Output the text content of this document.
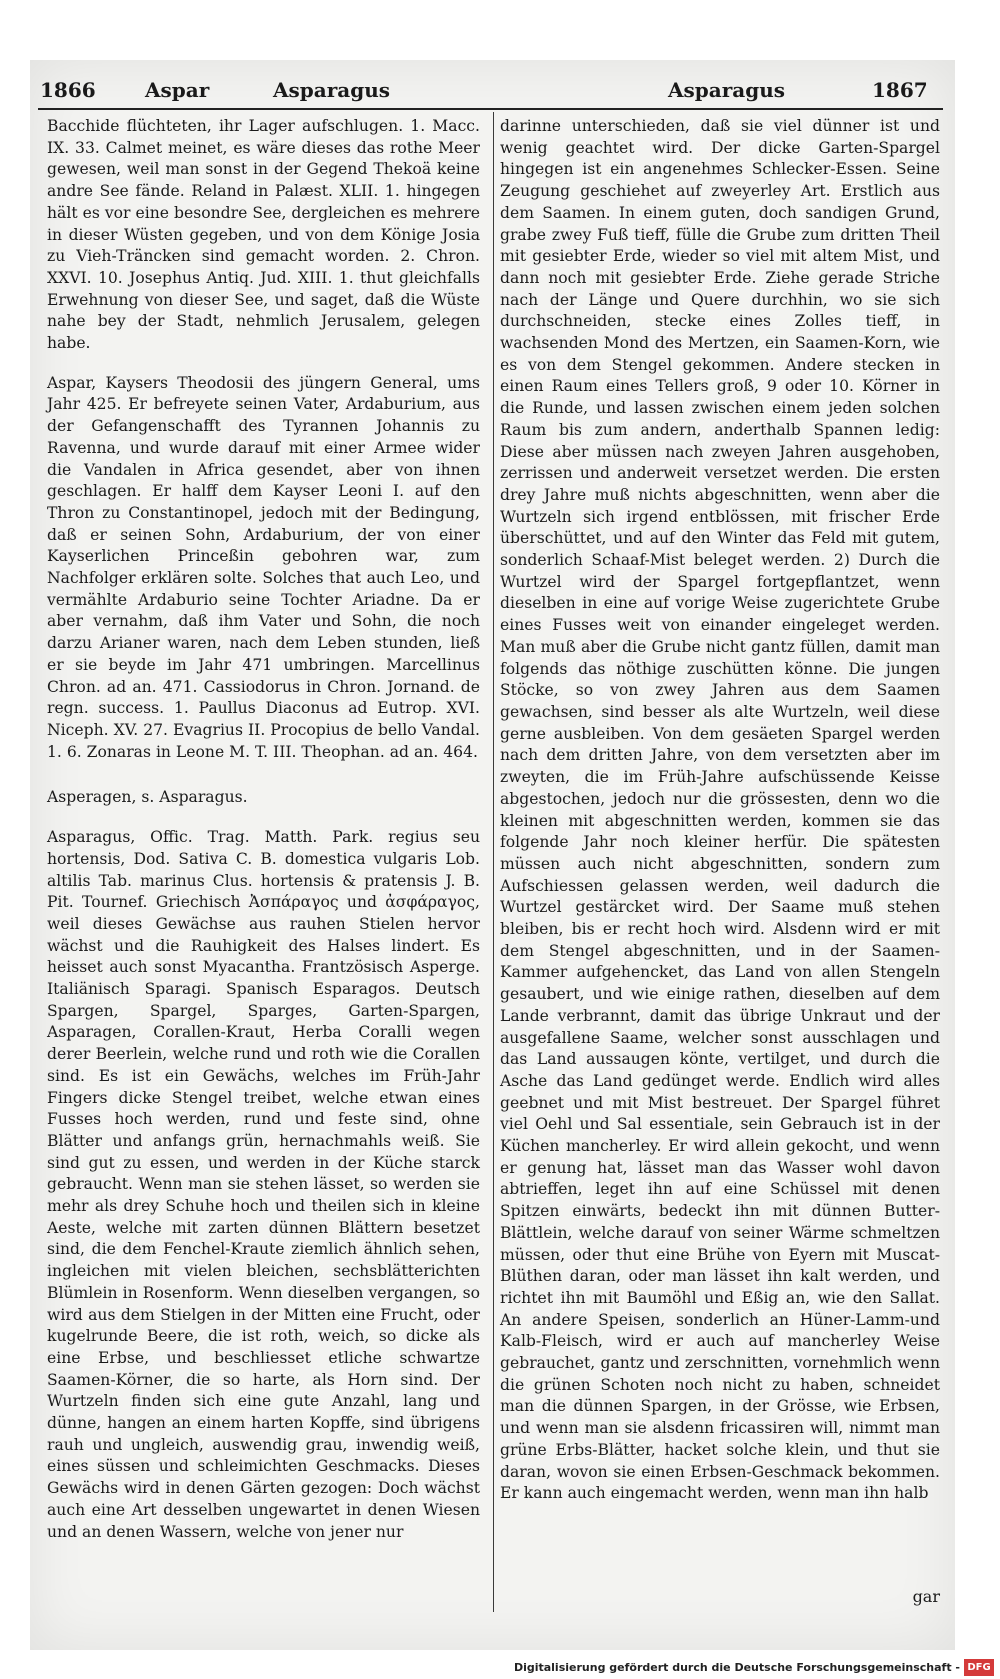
1866 Aspar	Asparagus	Asparagus	1867

Bacchide flüchteten, ihr Lager aufschlugen. 1. Macc. IX. 33. Calmet meinet, es wäre dieses das rothe Meer gewesen, weil man sonst in der Gegend Thekoä keine andre See fände. Reland in Palæst. XLII. 1. hingegen hält es vor eine besondre See, dergleichen es mehrere in dieser Wüsten gegeben, und von dem Könige Josia zu Vieh-Träncken sind gemacht worden. 2. Chron. XXVI. 10. Josephus Antiq. Jud. XIII. 1. thut gleichfalls Erwehnung von dieser See, und saget, daß die Wüste nahe bey der Stadt, nehmlich Jerusalem, gelegen habe.

Aspar, Kaysers Theodosii des jüngern General, ums Jahr 425. Er befreyete seinen Vater, Ardaburium, aus der Gefangenschafft des Tyrannen Johannis zu Ravenna, und wurde darauf mit einer Armee wider die Vandalen in Africa gesendet, aber von ihnen geschlagen. Er halff dem Kayser Leoni I. auf den Thron zu Constantinopel, jedoch mit der Bedingung, daß er seinen Sohn, Ardaburium, der von einer Kayserlichen Princeßin gebohren war, zum Nachfolger erklären solte. Solches that auch Leo, und vermählte Ardaburio seine Tochter Ariadne. Da er aber vernahm, daß ihm Vater und Sohn, die noch darzu Arianer waren, nach dem Leben stunden, ließ er sie beyde im Jahr 471 umbringen. Marcellinus Chron. ad an. 471. Cassiodorus in Chron. Jornand. de regn. success. 1. Paullus Diaconus ad Eutrop. XVI. Niceph. XV. 27. Evagrius II. Procopius de bello Vandal. 1. 6. Zonaras in Leone M. T. III. Theophan. ad an. 464.

Asperagen, s. Asparagus.

Asparagus, Offic. Trag. Matth. Park. regius seu hortensis, Dod. Sativa C. B. domestica vulgaris Lob. altilis Tab. marinus Clus. hortensis & pratensis J. B. Pit. Tournef. Griechisch Ἀσπάραγος und ἀσφάραγος, weil dieses Gewächse aus rauhen Stielen hervor wächst und die Rauhigkeit des Halses lindert. Es heisset auch sonst Myacantha. Frantzösisch Asperge. Italiänisch Sparagi. Spanisch Esparagos. Deutsch Spargen, Spargel, Sparges, Garten-Spargen, Asparagen, Corallen-Kraut, Herba Coralli wegen derer Beerlein, welche rund und roth wie die Corallen sind. Es ist ein Gewächs, welches im Früh-Jahr Fingers dicke Stengel treibet, welche etwan eines Fusses hoch werden, rund und feste sind, ohne Blätter und anfangs grün, hernachmahls weiß. Sie sind gut zu essen, und werden in der Küche starck gebraucht. Wenn man sie stehen lässet, so werden sie mehr als drey Schuhe hoch und theilen sich in kleine Aeste, welche mit zarten dünnen Blättern besetzet sind, die dem Fenchel-Kraute ziemlich ähnlich sehen, ingleichen mit vielen bleichen, sechsblätterichten Blümlein in Rosenform. Wenn dieselben vergangen, so wird aus dem Stielgen in der Mitten eine Frucht, oder kugelrunde Beere, die ist roth, weich, so dicke als eine Erbse, und beschliesset etliche schwartze Saamen-Körner, die so harte, als Horn sind. Der Wurtzeln finden sich eine gute Anzahl, lang und dünne, hangen an einem harten Kopffe, sind übrigens rauh und ungleich, auswendig grau, inwendig weiß, eines süssen und schleimichten Geschmacks. Dieses Gewächs wird in denen Gärten gezogen: Doch wächst auch eine Art desselben ungewartet in denen Wiesen und an denen Wassern, welche von jener nur

darinne unterschieden, daß sie viel dünner ist und wenig geachtet wird. Der dicke Garten-Spargel hingegen ist ein angenehmes Schlecker-Essen. Seine Zeugung geschiehet auf zweyerley Art. Erstlich aus dem Saamen. In einem guten, doch sandigen Grund, grabe zwey Fuß tieff, fülle die Grube zum dritten Theil mit gesiebter Erde, wieder so viel mit altem Mist, und dann noch mit gesiebter Erde. Ziehe gerade Striche nach der Länge und Quere durchhin, wo sie sich durchschneiden, stecke eines Zolles tieff, in wachsenden Mond des Mertzen, ein Saamen-Korn, wie es von dem Stengel gekommen. Andere stecken in einen Raum eines Tellers groß, 9 oder 10. Körner in die Runde, und lassen zwischen einem jeden solchen Raum bis zum andern, anderthalb Spannen ledig: Diese aber müssen nach zweyen Jahren ausgehoben, zerrissen und anderweit versetzet werden. Die ersten drey Jahre muß nichts abgeschnitten, wenn aber die Wurtzeln sich irgend entblössen, mit frischer Erde überschüttet, und auf den Winter das Feld mit gutem, sonderlich Schaaf-Mist beleget werden. 2) Durch die Wurtzel wird der Spargel fortgepflantzet, wenn dieselben in eine auf vorige Weise zugerichtete Grube eines Fusses weit von einander eingeleget werden. Man muß aber die Grube nicht gantz füllen, damit man folgends das nöthige zuschütten könne. Die jungen Stöcke, so von zwey Jahren aus dem Saamen gewachsen, sind besser als alte Wurtzeln, weil diese gerne ausbleiben. Von dem gesäeten Spargel werden nach dem dritten Jahre, von dem versetzten aber im zweyten, die im Früh-Jahre aufschüssende Keisse abgestochen, jedoch nur die grössesten, denn wo die kleinen mit abgeschnitten werden, kommen sie das folgende Jahr noch kleiner herfür. Die spätesten müssen auch nicht abgeschnitten, sondern zum Aufschiessen gelassen werden, weil dadurch die Wurtzel gestärcket wird. Der Saame muß stehen bleiben, bis er recht hoch wird. Alsdenn wird er mit dem Stengel abgeschnitten, und in der Saamen-Kammer aufgehencket, das Land von allen Stengeln gesaubert, und wie einige rathen, dieselben auf dem Lande verbrannt, damit das übrige Unkraut und der ausgefallene Saame, welcher sonst ausschlagen und das Land aussaugen könte, vertilget, und durch die Asche das Land gedünget werde. Endlich wird alles geebnet und mit Mist bestreuet. Der Spargel führet viel Oehl und Sal essentiale, sein Gebrauch ist in der Küchen mancherley. Er wird allein gekocht, und wenn er genung hat, lässet man das Wasser wohl davon abtrieffen, leget ihn auf eine Schüssel mit denen Spitzen einwärts, bedeckt ihn mit dünnen Butter-Blättlein, welche darauf von seiner Wärme schmeltzen müssen, oder thut eine Brühe von Eyern mit Muscat-Blüthen daran, oder man lässet ihn kalt werden, und richtet ihn mit Baumöhl und Eßig an, wie den Sallat. An andere Speisen, sonderlich an Hüner-Lamm-und Kalb-Fleisch, wird er auch auf mancherley Weise gebrauchet, gantz und zerschnitten, vornehmlich wenn die grünen Schoten noch nicht zu haben, schneidet man die dünnen Spargen, in der Grösse, wie Erbsen, und wenn man sie alsdenn fricassiren will, nimmt man grüne Erbs-Blätter, hacket solche klein, und thut sie daran, wovon sie einen Erbsen-Geschmack bekommen. Er kann auch eingemacht werden, wenn man ihn halb

gar
Digitalisierung gefördert durch die Deutsche Forschungsgemeinschaft - DFG
